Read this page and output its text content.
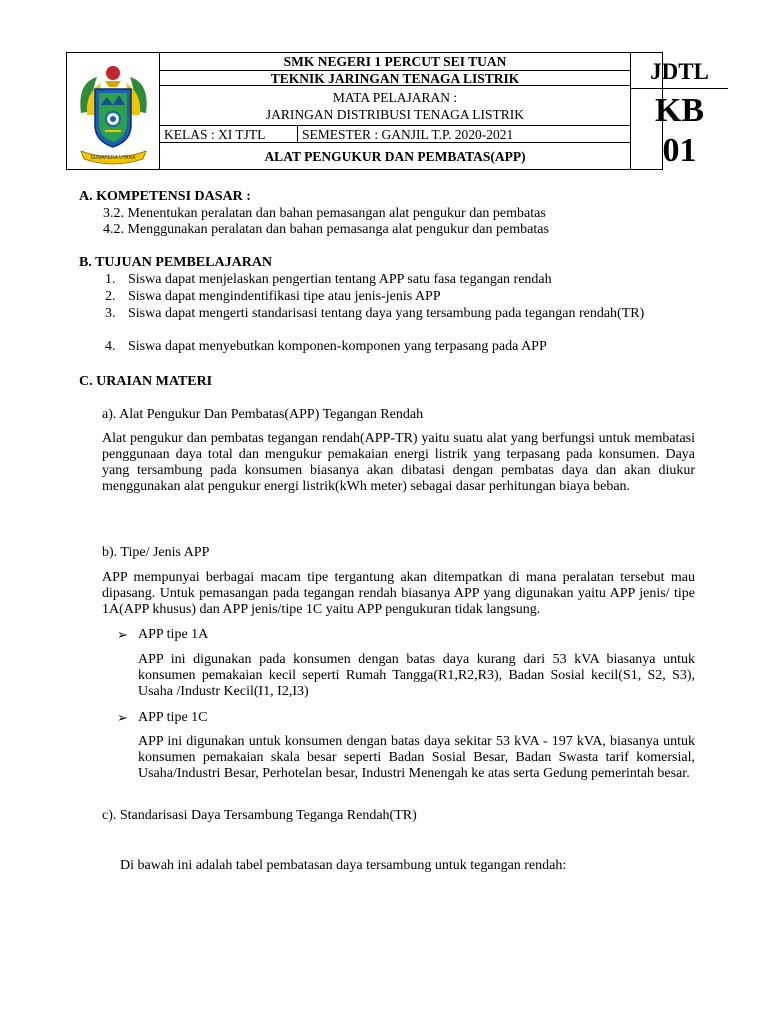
SUMATERA UTARA
SMK NEGERI 1 PERCUT SEI TUAN
TEKNIK JARINGAN TENAGA LISTRIK
MATA PELAJARAN :
JARINGAN DISTRIBUSI TENAGA LISTRIK
KELAS : XI TJTL	SEMESTER : GANJIL T.P. 2020-2021
ALAT PENGUKUR DAN PEMBATAS(APP)
JDTL
KB
01
A. KOMPETENSI DASAR :
3.2. Menentukan peralatan dan bahan pemasangan alat pengukur dan pembatas
4.2. Menggunakan peralatan dan bahan pemasanga alat pengukur dan pembatas
B. TUJUAN PEMBELAJARAN
1. Siswa dapat menjelaskan pengertian tentang APP satu fasa tegangan rendah
2. Siswa dapat mengindentifikasi tipe atau jenis-jenis APP
3. Siswa dapat mengerti standarisasi tentang daya yang tersambung pada tegangan rendah(TR)
4. Siswa dapat menyebutkan komponen-komponen yang terpasang pada APP
C. URAIAN MATERI
a). Alat Pengukur Dan Pembatas(APP) Tegangan Rendah
Alat pengukur dan pembatas tegangan rendah(APP-TR) yaitu suatu alat yang berfungsi untuk membatasi penggunaan daya total dan mengukur pemakaian energi listrik yang terpasang pada konsumen. Daya yang tersambung pada konsumen biasanya akan dibatasi dengan pembatas daya dan akan diukur menggunakan alat pengukur energi listrik(kWh meter) sebagai dasar perhitungan biaya beban.
b). Tipe/ Jenis APP
APP mempunyai berbagai macam tipe tergantung akan ditempatkan di mana peralatan tersebut mau dipasang. Untuk pemasangan pada tegangan rendah biasanya APP yang digunakan yaitu APP jenis/ tipe 1A(APP khusus) dan APP jenis/tipe 1C yaitu APP pengukuran tidak langsung.
➢ APP tipe 1A
APP ini digunakan pada konsumen dengan batas daya kurang dari 53 kVA biasanya untuk konsumen pemakaian kecil seperti Rumah Tangga(R1,R2,R3), Badan Sosial kecil(S1, S2, S3), Usaha /Industr Kecil(I1, I2,I3)
➢ APP tipe 1C
APP ini digunakan untuk konsumen dengan batas daya sekitar 53 kVA - 197 kVA, biasanya untuk konsumen pemakaian skala besar seperti Badan Sosial Besar, Badan Swasta tarif komersial, Usaha/Industri Besar, Perhotelan besar, Industri Menengah ke atas serta Gedung pemerintah besar.
c). Standarisasi Daya Tersambung Teganga Rendah(TR)
Di bawah ini adalah tabel pembatasan daya tersambung untuk tegangan rendah:
